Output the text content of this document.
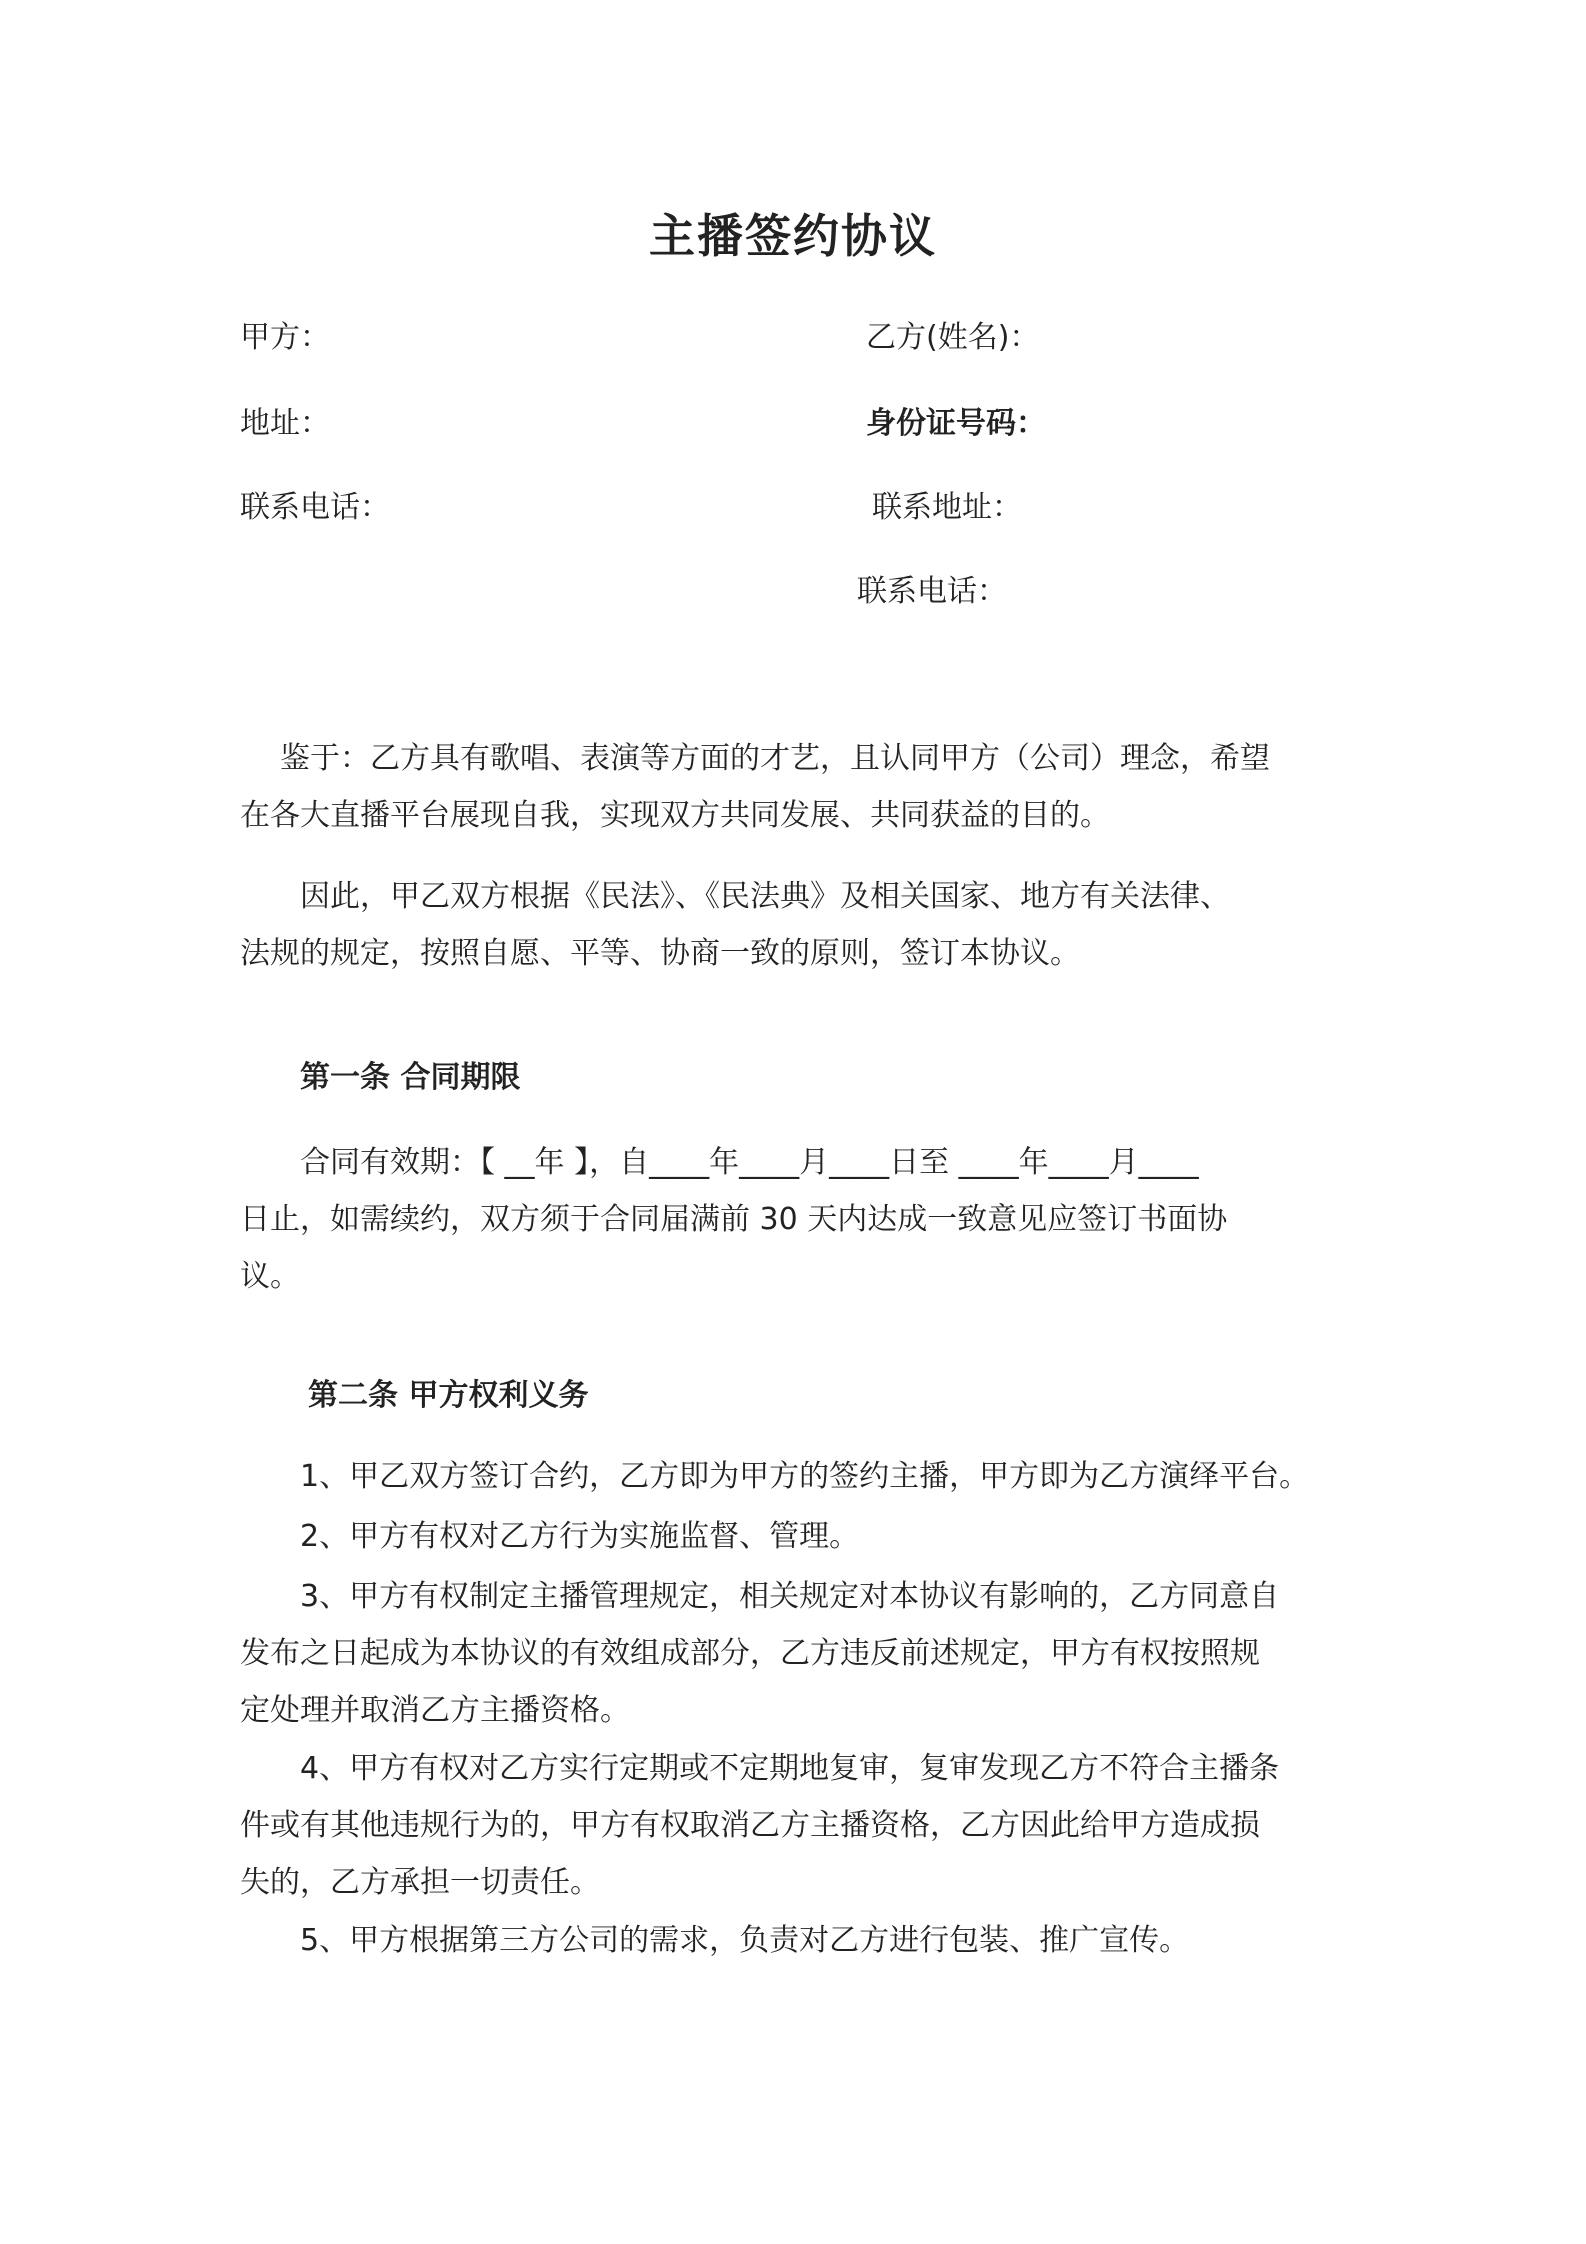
主播签约协议
甲方：	乙方(姓名)：
地址：	身份证号码：
联系电话：	联系地址：
联系电话：
鉴于：乙方具有歌唱、表演等方面的才艺，且认同甲方（公司）理念，希望
在各大直播平台展现自我，实现双方共同发展、共同获益的目的。
因此，甲乙双方根据《民法》、《民法典》及相关国家、地方有关法律、
法规的规定，按照自愿、平等、协商一致的原则，签订本协议。
第一条 合同期限
合同有效期：【 __年 】，自____年____月____日至 ____年____月____
日止，如需续约，双方须于合同届满前 30 天内达成一致意见应签订书面协
议。
第二条 甲方权利义务
1、甲乙双方签订合约，乙方即为甲方的签约主播，甲方即为乙方演绎平台。
2、甲方有权对乙方行为实施监督、管理。
3、甲方有权制定主播管理规定，相关规定对本协议有影响的，乙方同意自
发布之日起成为本协议的有效组成部分，乙方违反前述规定，甲方有权按照规
定处理并取消乙方主播资格。
4、甲方有权对乙方实行定期或不定期地复审，复审发现乙方不符合主播条
件或有其他违规行为的，甲方有权取消乙方主播资格，乙方因此给甲方造成损
失的，乙方承担一切责任。
5、甲方根据第三方公司的需求，负责对乙方进行包装、推广宣传。
